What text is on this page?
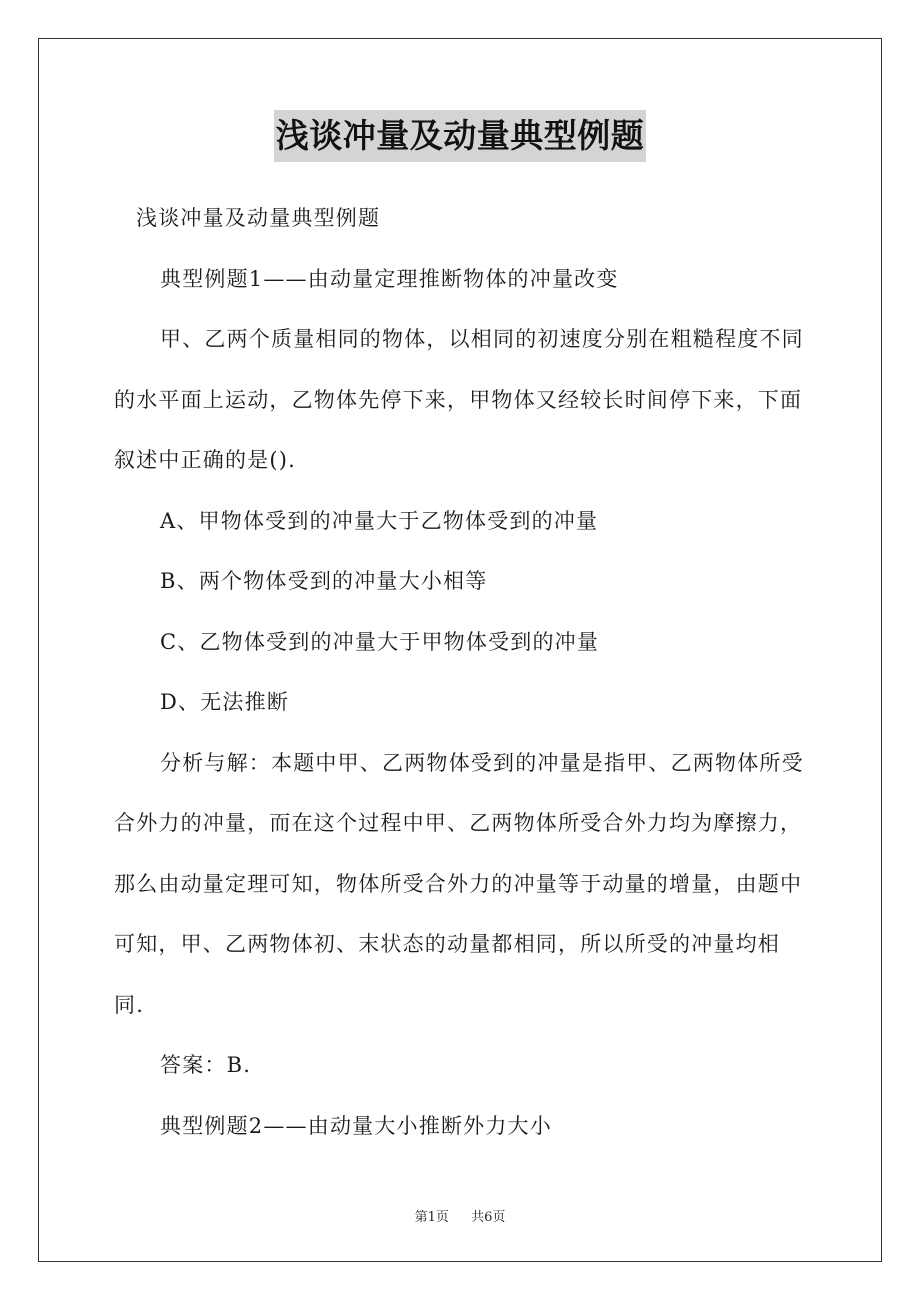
浅谈冲量及动量典型例题

浅谈冲量及动量典型例题

典型例题1——由动量定理推断物体的冲量改变

甲、乙两个质量相同的物体，以相同的初速度分别在粗糙程度不同的水平面上运动，乙物体先停下来，甲物体又经较长时间停下来，下面叙述中正确的是().

A、甲物体受到的冲量大于乙物体受到的冲量

B、两个物体受到的冲量大小相等

C、乙物体受到的冲量大于甲物体受到的冲量

D、无法推断

分析与解：本题中甲、乙两物体受到的冲量是指甲、乙两物体所受合外力的冲量，而在这个过程中甲、乙两物体所受合外力均为摩擦力，那么由动量定理可知，物体所受合外力的冲量等于动量的增量，由题中可知，甲、乙两物体初、末状态的动量都相同，所以所受的冲量均相同.

答案：B.

典型例题2——由动量大小推断外力大小

第1页 共6页
